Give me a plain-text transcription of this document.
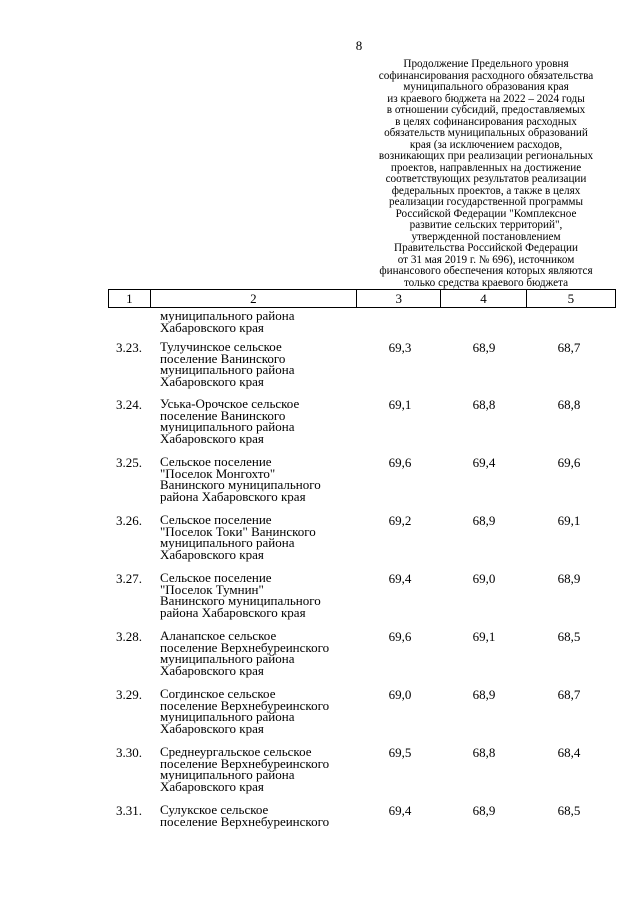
8
Продолжение Предельного уровня
софинансирования расходного обязательства
муниципального образования края
из краевого бюджета на 2022 – 2024 годы
в отношении субсидий, предоставляемых
в целях софинансирования расходных
обязательств муниципальных образований
края (за исключением расходов,
возникающих при реализации региональных
проектов, направленных на достижение
соответствующих результатов реализации
федеральных проектов, а также в целях
реализации государственной программы
Российской Федерации "Комплексное
развитие сельских территорий",
утвержденной постановлением
Правительства Российской Федерации
от 31 мая 2019 г. № 696), источником
финансового обеспечения которых являются
только средства краевого бюджета
1	2	3	4	5
муниципального района
Хабаровского края
3.23. Тулучинское сельское
поселение Ванинского
муниципального района
Хабаровского края
69,3	68,9	68,7
3.24. Уська-Орочское сельское
поселение Ванинского
муниципального района
Хабаровского края
69,1	68,8	68,8
3.25. Сельское поселение
"Поселок Монгохто"
Ванинского муниципального
района Хабаровского края
69,6	69,4	69,6
3.26. Сельское поселение
"Поселок Токи" Ванинского
муниципального района
Хабаровского края
69,2	68,9	69,1
3.27. Сельское поселение
"Поселок Тумнин"
Ванинского муниципального
района Хабаровского края
69,4	69,0	68,9
3.28. Аланапское сельское
поселение Верхнебуреинского
муниципального района
Хабаровского края
69,6	69,1	68,5
3.29. Согдинское сельское
поселение Верхнебуреинского
муниципального района
Хабаровского края
69,0	68,9	68,7
3.30. Среднеургальское сельское
поселение Верхнебуреинского
муниципального района
Хабаровского края
69,5	68,8	68,4
3.31. Сулукское сельское
поселение Верхнебуреинского
69,4	68,9	68,5
